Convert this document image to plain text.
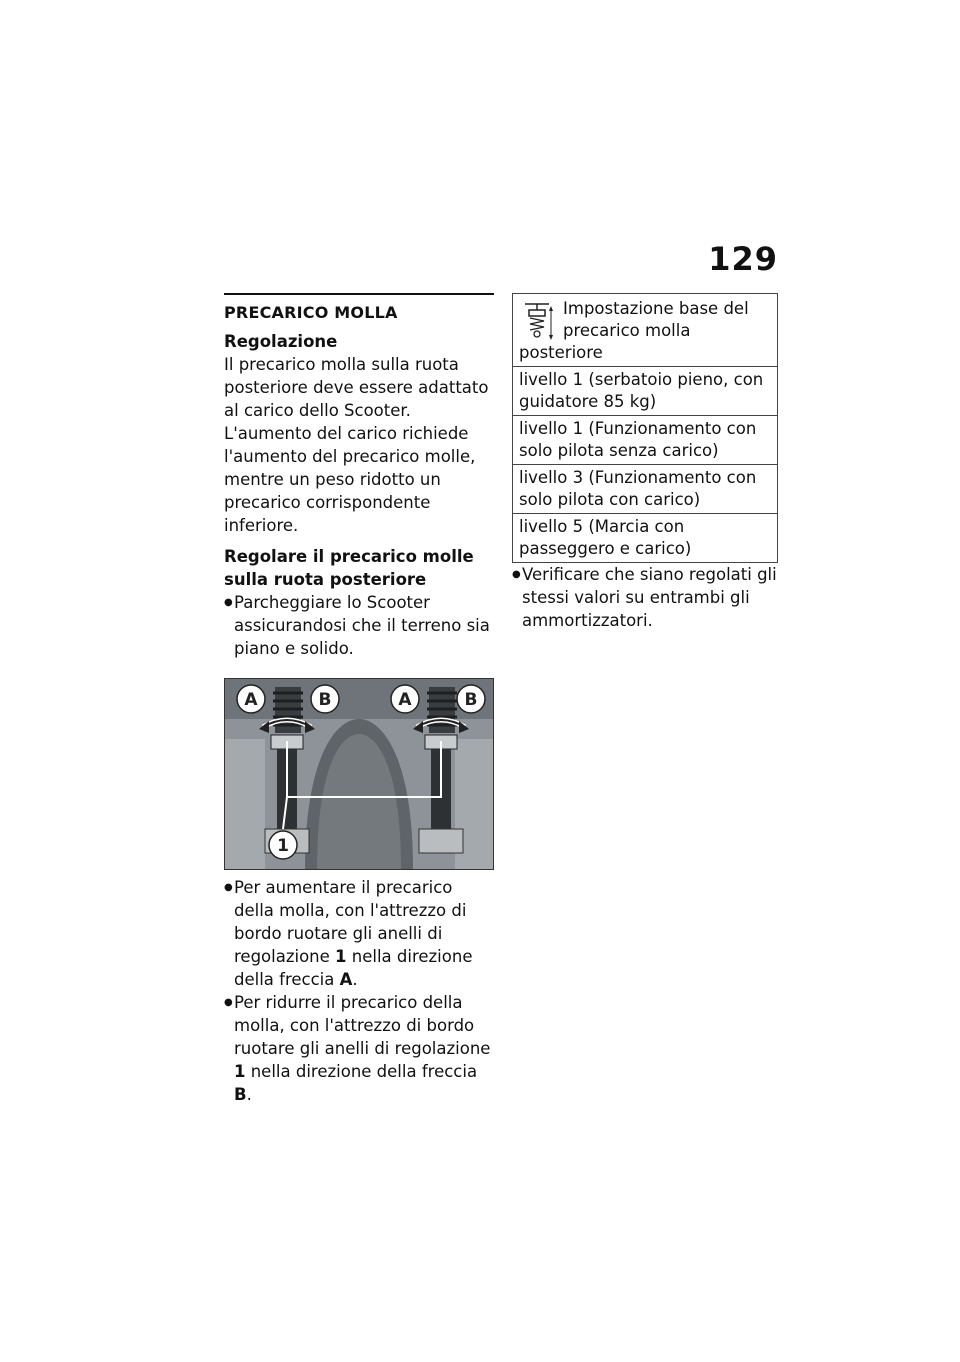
129
PRECARICO MOLLA
Regolazione

Il precarico molla sulla ruota posteriore deve essere adattato al carico dello Scooter. L'aumento del carico richiede l'aumento del precarico molle, mentre un peso ridotto un precarico corrispondente inferiore.

Regolare il precarico molle sulla ruota posteriore
● Parcheggiare lo Scooter assicurandosi che il terreno sia piano e solido.
A	B	A	B
1
● Per aumentare il precarico della molla, con l'attrezzo di bordo ruotare gli anelli di regolazione 1 nella direzione della freccia A.
● Per ridurre il precarico della molla, con l'attrezzo di bordo ruotare gli anelli di regolazione 1 nella direzione della freccia B.
Impostazione base del precarico molla posteriore
livello 1 (serbatoio pieno, con guidatore 85 kg)
livello 1 (Funzionamento con solo pilota senza carico)
livello 3 (Funzionamento con solo pilota con carico)
livello 5 (Marcia con passeggero e carico)
● Verificare che siano regolati gli stessi valori su entrambi gli ammortizzatori.
